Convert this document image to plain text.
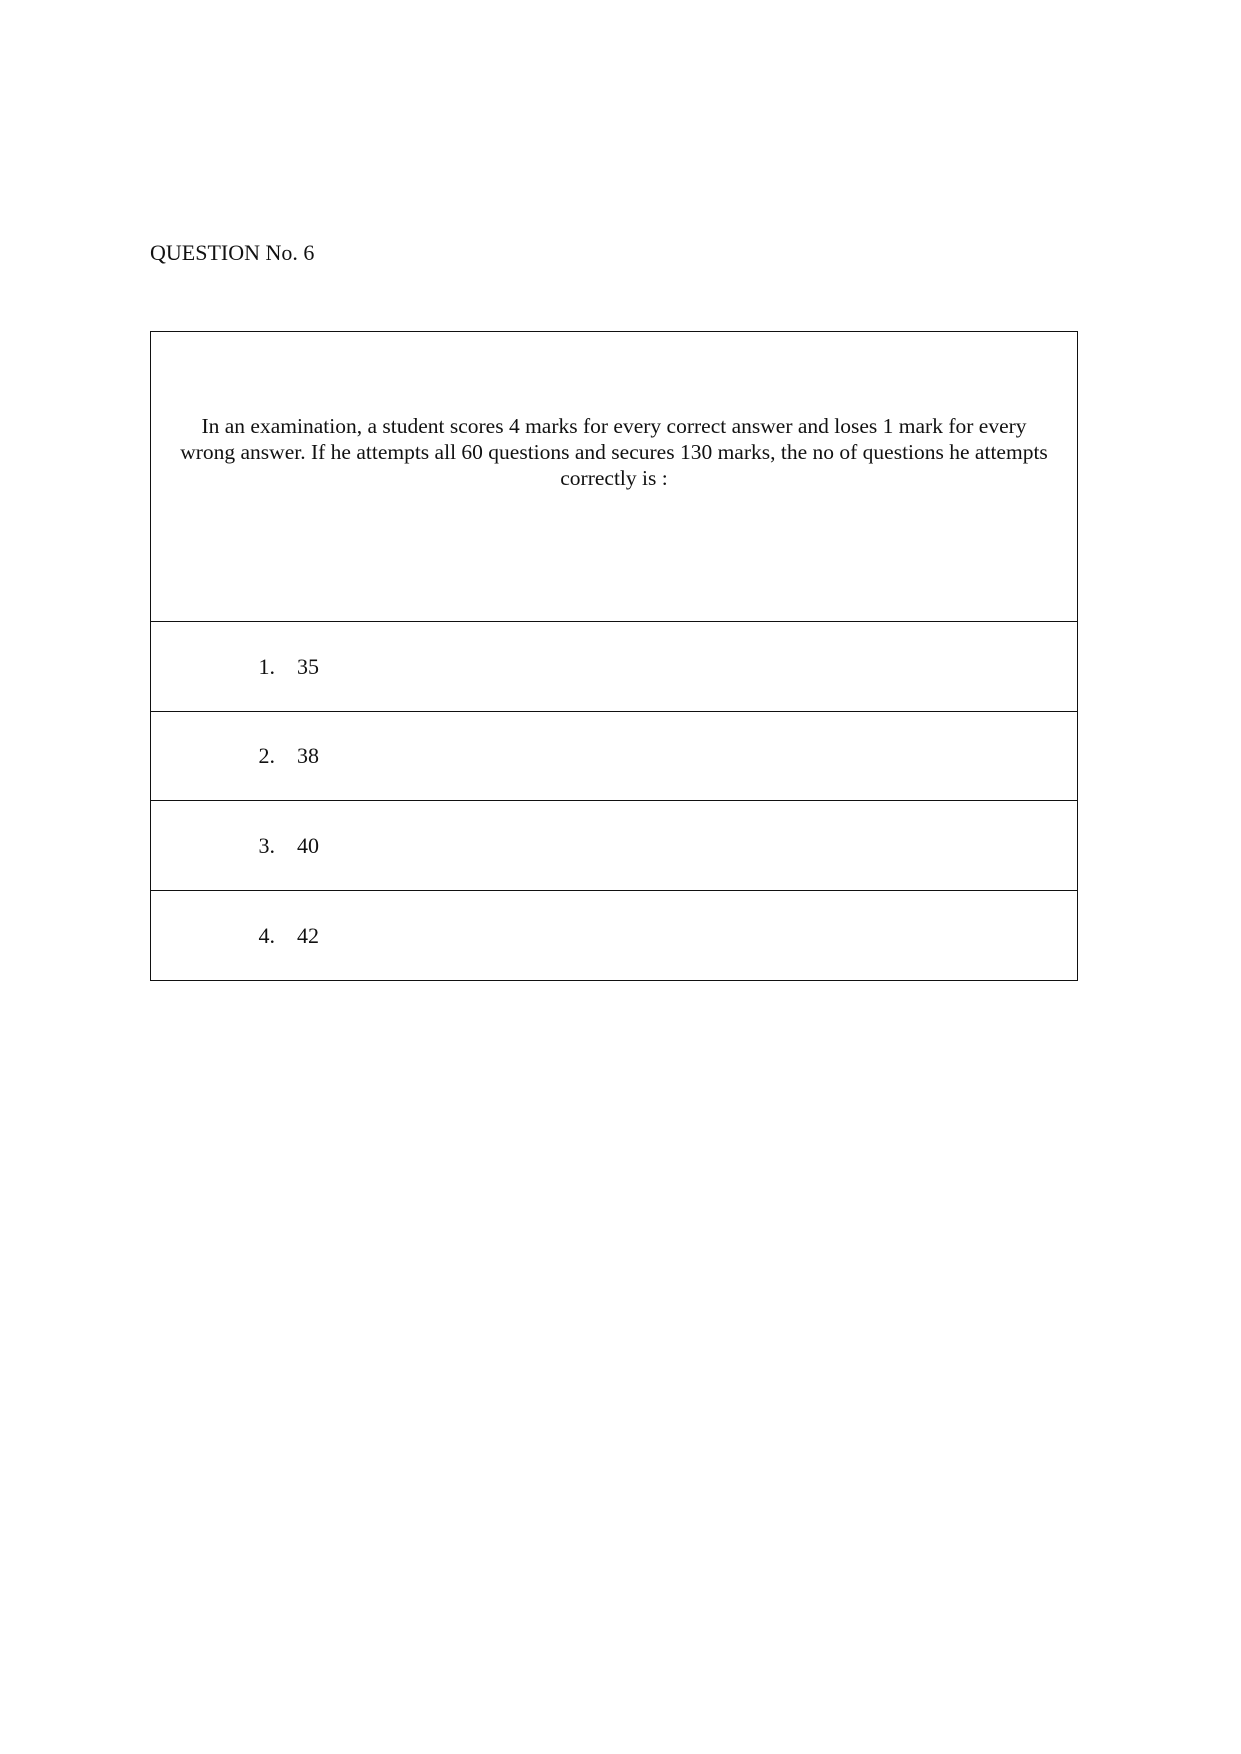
QUESTION No. 6

In an examination, a student scores 4 marks for every correct answer and loses 1 mark for every wrong answer. If he attempts all 60 questions and secures 130 marks, the no of questions he attempts correctly is :

1. 35
2. 38
3. 40
4. 42
